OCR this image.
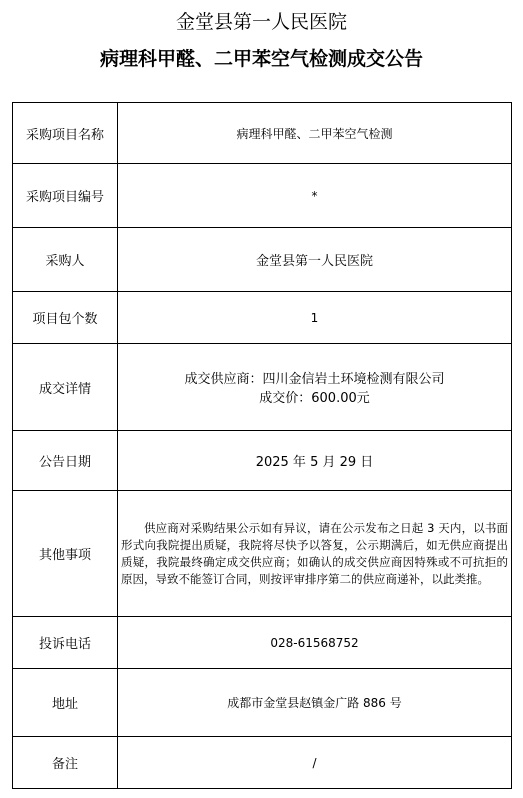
金堂县第一人民医院
病理科甲醛、二甲苯空气检测成交公告
采购项目名称	病理科甲醛、二甲苯空气检测
采购项目编号	*
采购人	金堂县第一人民医院
项目包个数	1
成交详情	成交供应商：四川金信岩土环境检测有限公司
成交价：600.00元

公告日期	2025 年 5 月 29 日
其他事项	供应商对采购结果公示如有异议，请在公示发布之日起 3 天内，以书面形式向我院提出质疑，我院将尽快予以答复，公示期满后，如无供应商提出质疑，我院最终确定成交供应商；如确认的成交供应商因特殊或不可抗拒的原因，导致不能签订合同，则按评审排序第二的供应商递补，以此类推。

投诉电话	028-61568752
地址	成都市金堂县赵镇金广路 886 号
备注	/
